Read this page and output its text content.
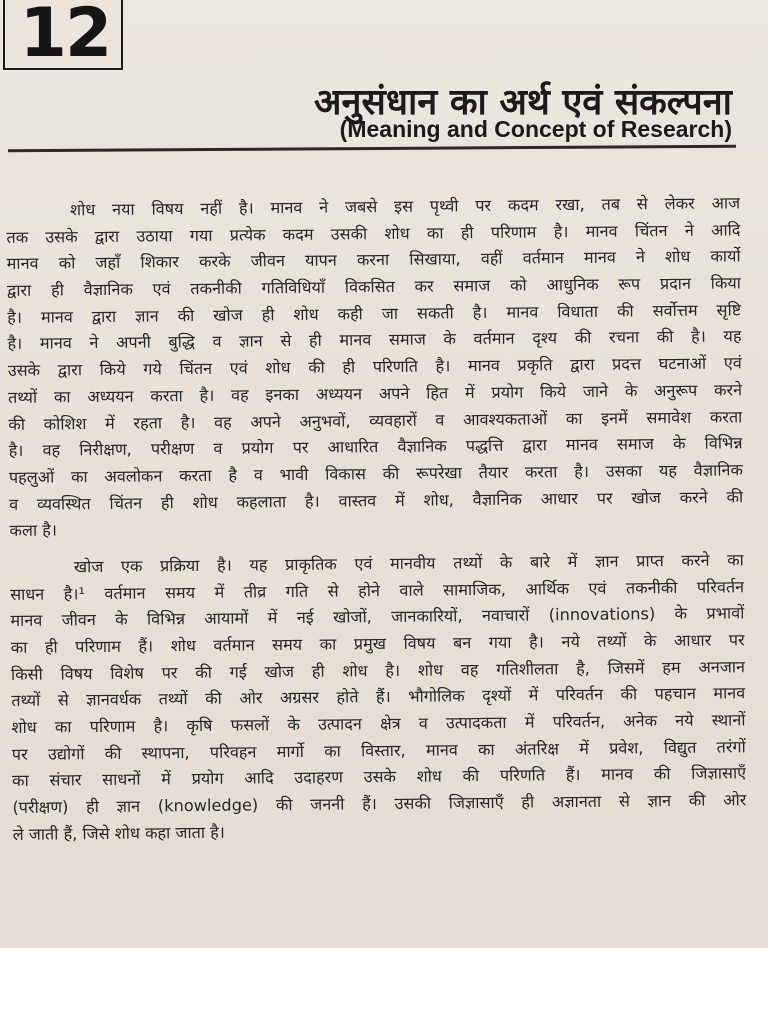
12
अनुसंधान का अर्थ एवं संकल्पना
(Meaning and Concept of Research)
शोध नया विषय नहीं है। मानव ने जबसे इस पृथ्वी पर कदम रखा, तब से लेकर आज
तक उसके द्वारा उठाया गया प्रत्येक कदम उसकी शोध का ही परिणाम है। मानव चिंतन ने आदि
मानव को जहाँ शिकार करके जीवन यापन करना सिखाया, वहीं वर्तमान मानव ने शोध कार्यो
द्वारा ही वैज्ञानिक एवं तकनीकी गतिविधियाँ विकसित कर समाज को आधुनिक रूप प्रदान किया
है। मानव द्वारा ज्ञान की खोज ही शोध कही जा सकती है। मानव विधाता की सर्वोत्तम सृष्टि
है। मानव ने अपनी बुद्धि व ज्ञान से ही मानव समाज के वर्तमान दृश्य की रचना की है। यह
उसके द्वारा किये गये चिंतन एवं शोध की ही परिणति है। मानव प्रकृति द्वारा प्रदत्त घटनाओं एवं
तथ्यों का अध्ययन करता है। वह इनका अध्ययन अपने हित में प्रयोग किये जाने के अनुरूप करने
की कोशिश में रहता है। वह अपने अनुभवों, व्यवहारों व आवश्यकताओं का इनमें समावेश करता
है। वह निरीक्षण, परीक्षण व प्रयोग पर आधारित वैज्ञानिक पद्धत्ति द्वारा मानव समाज के विभिन्न
पहलुओं का अवलोकन करता है व भावी विकास की रूपरेखा तैयार करता है। उसका यह वैज्ञानिक
व व्यवस्थित चिंतन ही शोध कहलाता है। वास्तव में शोध, वैज्ञानिक आधार पर खोज करने की
कला है।
खोज एक प्रक्रिया है। यह प्राकृतिक एवं मानवीय तथ्यों के बारे में ज्ञान प्राप्त करने का
साधन है।¹ वर्तमान समय में तीव्र गति से होने वाले सामाजिक, आर्थिक एवं तकनीकी परिवर्तन
मानव जीवन के विभिन्न आयामों में नई खोजों, जानकारियों, नवाचारों (innovations) के प्रभावों
का ही परिणाम हैं। शोध वर्तमान समय का प्रमुख विषय बन गया है। नये तथ्यों के आधार पर
किसी विषय विशेष पर की गई खोज ही शोध है। शोध वह गतिशीलता है, जिसमें हम अनजान
तथ्यों से ज्ञानवर्धक तथ्यों की ओर अग्रसर होते हैं। भौगोलिक दृश्यों में परिवर्तन की पहचान मानव
शोध का परिणाम है। कृषि फसलों के उत्पादन क्षेत्र व उत्पादकता में परिवर्तन, अनेक नये स्थानों
पर उद्योगों की स्थापना, परिवहन मार्गो का विस्तार, मानव का अंतरिक्ष में प्रवेश, विद्युत तरंगों
का संचार साधनों में प्रयोग आदि उदाहरण उसके शोध की परिणति हैं। मानव की जिज्ञासाएँ
(परीक्षण) ही ज्ञान (knowledge) की जननी हैं। उसकी जिज्ञासाएँ ही अज्ञानता से ज्ञान की ओर
ले जाती हैं, जिसे शोध कहा जाता है।
